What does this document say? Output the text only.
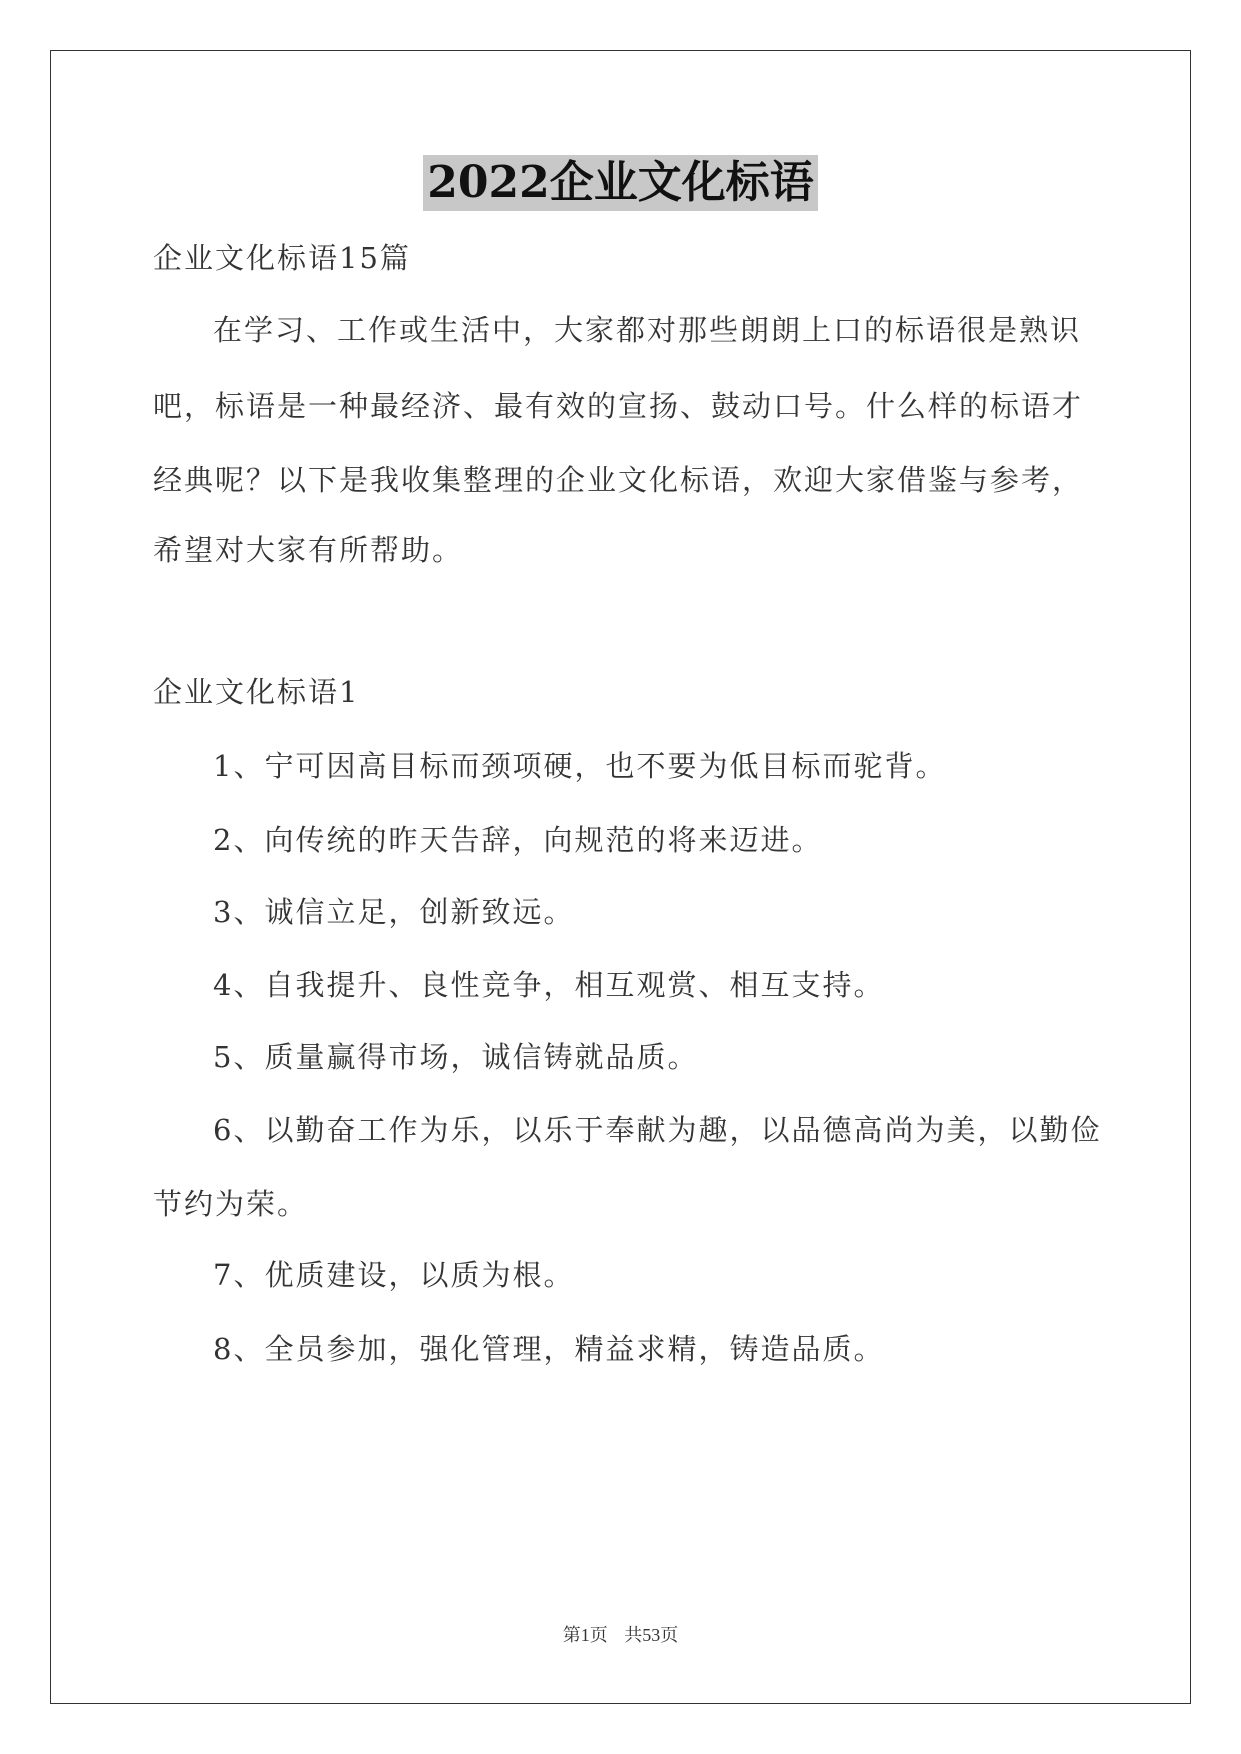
2022企业文化标语
企业文化标语15篇
在学习、工作或生活中，大家都对那些朗朗上口的标语很是熟识
吧，标语是一种最经济、最有效的宣扬、鼓动口号。什么样的标语才
经典呢？以下是我收集整理的企业文化标语，欢迎大家借鉴与参考，
希望对大家有所帮助。
企业文化标语1
1、宁可因高目标而颈项硬，也不要为低目标而驼背。
2、向传统的昨天告辞，向规范的将来迈进。
3、诚信立足，创新致远。
4、自我提升、良性竞争，相互观赏、相互支持。
5、质量赢得市场，诚信铸就品质。
6、以勤奋工作为乐，以乐于奉献为趣，以品德高尚为美，以勤俭
节约为荣。
7、优质建设，以质为根。
8、全员参加，强化管理，精益求精，铸造品质。
第1页 共53页
